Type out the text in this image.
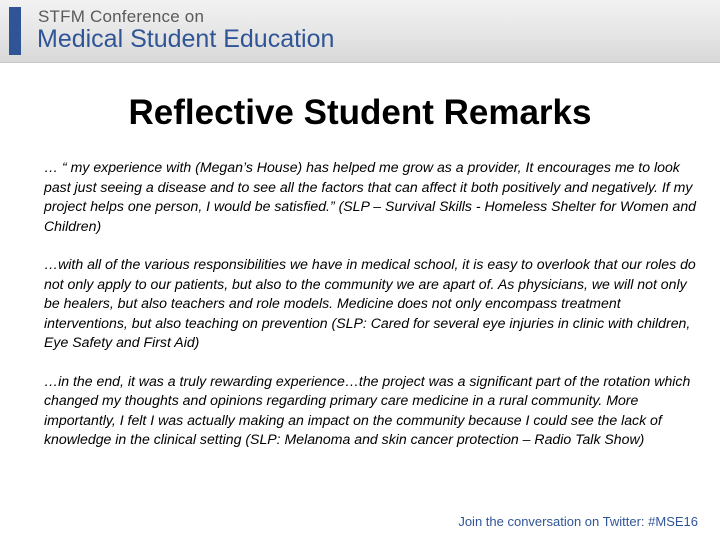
STFM Conference on
Medical Student Education
Reflective Student Remarks

… “ my experience with (Megan’s House) has helped me grow as a provider, It encourages me to look past just seeing a disease and to see all the factors that can affect it both positively and negatively. If my project helps one person, I would be satisfied.” (SLP – Survival Skills - Homeless Shelter for Women and Children)

…with all of the various responsibilities we have in medical school, it is easy to overlook that our roles do not only apply to our patients, but also to the community we are apart of. As physicians, we will not only be healers, but also teachers and role models. Medicine does not only encompass treatment interventions, but also teaching on prevention (SLP: Cared for several eye injuries in clinic with children, Eye Safety and First Aid)

…in the end, it was a truly rewarding experience…the project was a significant part of the rotation which changed my thoughts and opinions regarding primary care medicine in a rural community. More importantly, I felt I was actually making an impact on the community because I could see the lack of knowledge in the clinical setting (SLP: Melanoma and skin cancer protection – Radio Talk Show)

Join the conversation on Twitter: #MSE16
